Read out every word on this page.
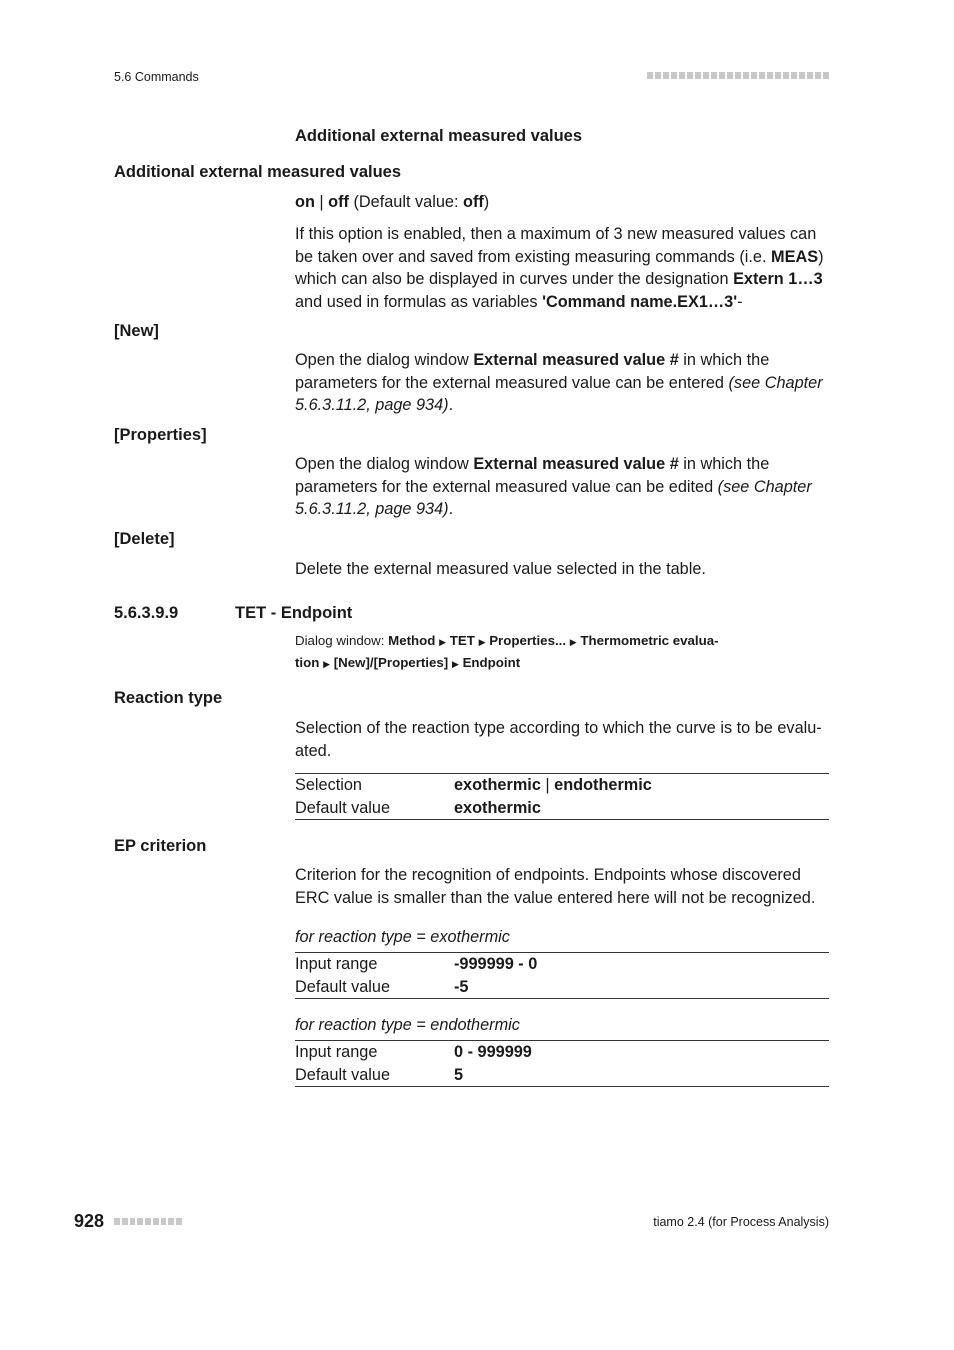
5.6 Commands
Additional external measured values
Additional external measured values
on | off (Default value: off)
If this option is enabled, then a maximum of 3 new measured values can be taken over and saved from existing measuring commands (i.e. MEAS) which can also be displayed in curves under the designation Extern 1…3 and used in formulas as variables 'Command name.EX1…3'-
[New]
Open the dialog window External measured value # in which the parameters for the external measured value can be entered (see Chapter 5.6.3.11.2, page 934).
[Properties]
Open the dialog window External measured value # in which the parameters for the external measured value can be edited (see Chapter 5.6.3.11.2, page 934).
[Delete]
Delete the external measured value selected in the table.
5.6.3.9.9	TET - Endpoint
Dialog window: Method ▶ TET ▶ Properties... ▶ Thermometric evalua-
tion ▶ [New]/[Properties] ▶ Endpoint
Reaction type
Selection of the reaction type according to which the curve is to be evalu-ated.
Selection	exothermic | endothermic
Default value	exothermic
EP criterion
Criterion for the recognition of endpoints. Endpoints whose discovered ERC value is smaller than the value entered here will not be recognized.
for reaction type = exothermic
Input range	-999999 - 0
Default value	-5
for reaction type = endothermic
Input range	0 - 999999
Default value	5
928	tiamo 2.4 (for Process Analysis)
